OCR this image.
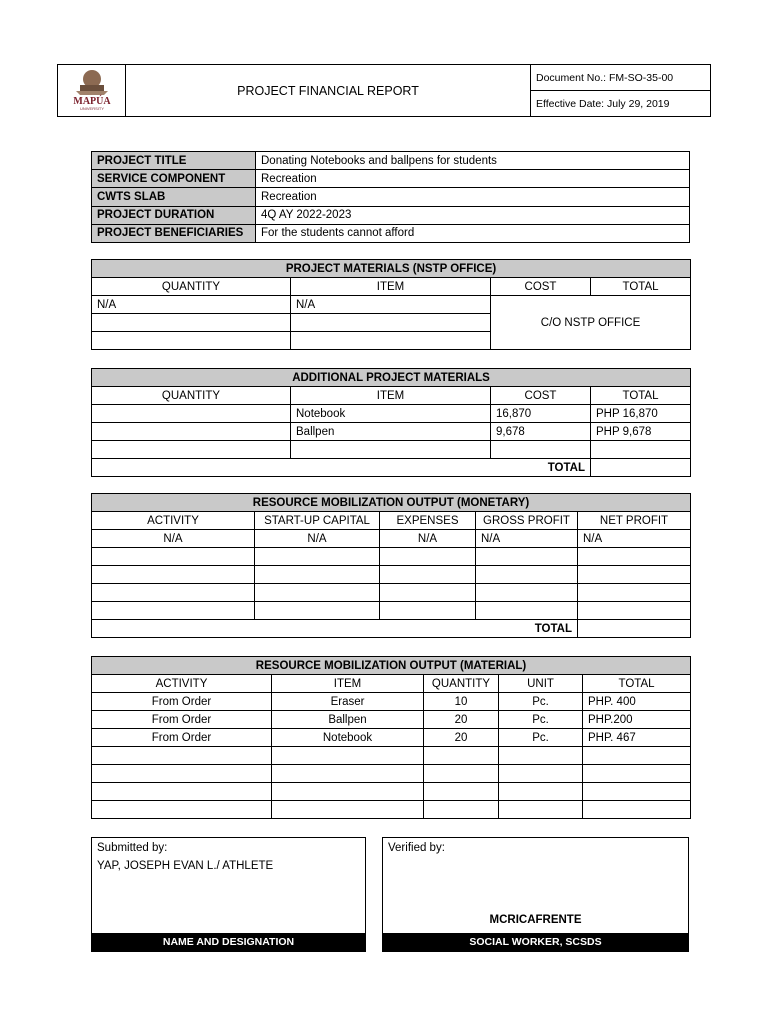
MAPÚA
UNIVERSITY
	PROJECT FINANCIAL REPORT	Document No.: FM-SO-35-00
Effective Date: July 29, 2019
PROJECT TITLE	Donating Notebooks and ballpens for students
SERVICE COMPONENT	Recreation
CWTS SLAB	Recreation
PROJECT DURATION	4Q AY 2022-2023
PROJECT BENEFICIARIES	For the students cannot afford
PROJECT MATERIALS (NSTP OFFICE)			
QUANTITY	ITEM	COST	TOTAL
N/A	N/A	C/O NSTP OFFICE	

ADDITIONAL PROJECT MATERIALS			
QUANTITY	ITEM	COST	TOTAL
	Notebook	16,870	PHP 16,870
	Ballpen	9,678	PHP 9,678

TOTAL			
RESOURCE MOBILIZATION OUTPUT (MONETARY)				
ACTIVITY	START-UP CAPITAL	EXPENSES	GROSS PROFIT	NET PROFIT
N/A	N/A	N/A	N/A	N/A

TOTAL				
RESOURCE MOBILIZATION OUTPUT (MATERIAL)				
ACTIVITY	ITEM	QUANTITY	UNIT	TOTAL
From Order	Eraser	10	Pc.	PHP. 400
From Order	Ballpen	20	Pc.	PHP.200
From Order	Notebook	20	Pc.	PHP. 467

Submitted by:
YAP, JOSEPH EVAN L./ ATHLETE
NAME AND DESIGNATION
Verified by:
MCRICAFRENTE
SOCIAL WORKER, SCSDS
